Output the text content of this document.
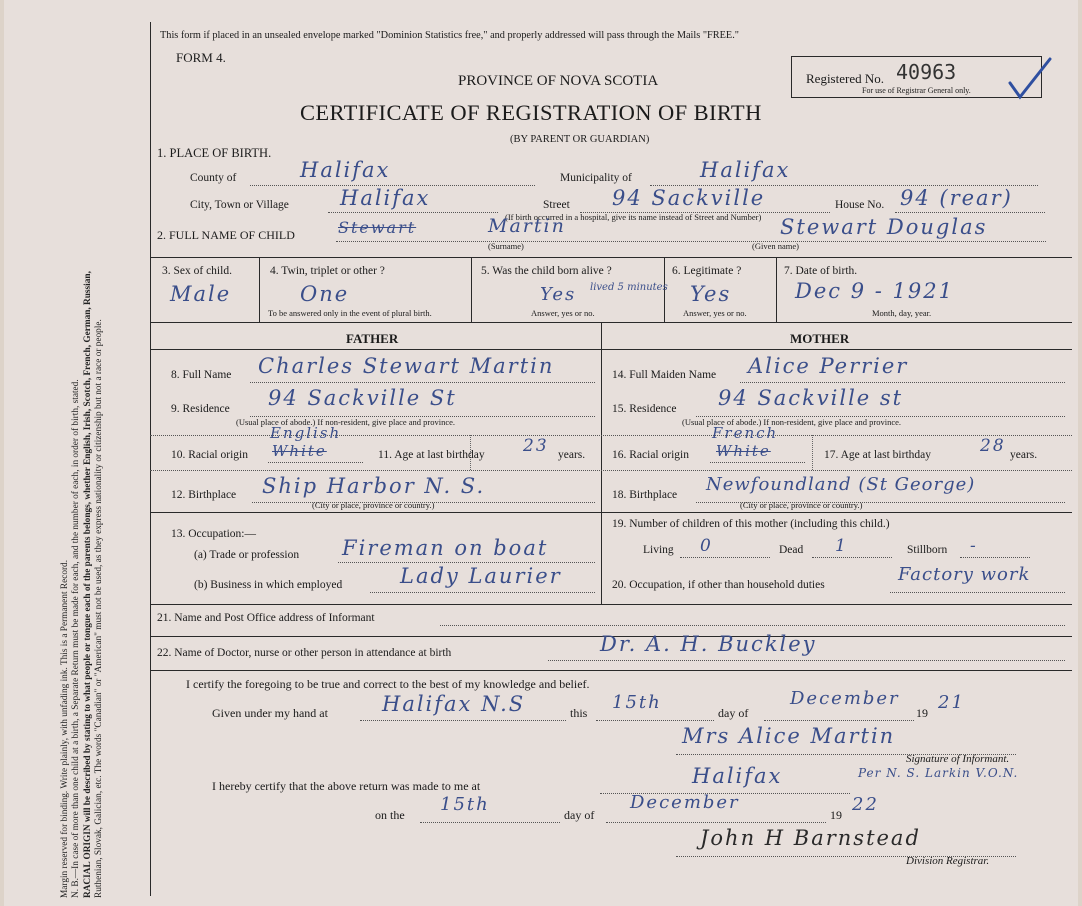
Margin reserved for binding. Write plainly, with unfading ink. This is a Permanent Record. N. B.—In case of more than one child at a birth, a Separate Return must be made for each, and the number of each, in order of birth, stated. RACIAL ORIGIN will be described by stating to what people or tongue each of the parents belongs, whether English, Irish, Scotch, French, German, Russian, Ruthenian, Slovak, Galician, etc. The words "Canadian" or "American" must not be used, as they express nationality or citizenship but not a race or people.
This form if placed in an unsealed envelope marked "Dominion Statistics free," and properly addressed will pass through the Mails "FREE."
FORM 4.
PROVINCE OF NOVA SCOTIA
CERTIFICATE OF REGISTRATION OF BIRTH
(BY PARENT OR GUARDIAN)
Registered No. 40963
For use of Registrar General only.
1. PLACE OF BIRTH.
County of	Halifax	Municipality of	Halifax
City, Town or Village Halifax	Street 94 Sackville	House No. 94 (rear)
(If birth occurred in a hospital, give its name instead of Street and Number)
2. FULL NAME OF CHILD	Stewart	Martin
(Surname)
Stewart Douglas
(Given name)
3. Sex of child.
Male
4. Twin, triplet or other ?
One
To be answered only in the event of plural birth.
5. Was the child born alive ?
Yes lived 5 minutes
Answer, yes or no.
6. Legitimate ?
Yes
Answer, yes or no.
7. Date of birth.
Dec 9 - 1921
Month, day, year.
FATHER	MOTHER
8. Full Name Charles Stewart Martin
9. Residence 94 Sackville St
(Usual place of abode.) If non-resident, give place and province.
10. Racial origin White
English
11. Age at last birthday 23 years.
12. Birthplace Ship Harbor N. S.
(City or place, province or country.)
14. Full Maiden Name Alice Perrier
15. Residence 94 Sackville st
(Usual place of abode.) If non-resident, give place and province.
16. Racial origin White
French
17. Age at last birthday	28 years.
18. Birthplace Newfoundland (St George)
(City or place, province or country.)
13. Occupation:—
(a) Trade or profession Fireman on boat
(b) Business in which employed	Lady Laurier
19. Number of children of this mother (including this child.)
Living 0	Dead 1	Stillborn -
20. Occupation, if other than household duties	Factory work
21. Name and Post Office address of Informant
22. Name of Doctor, nurse or other person in attendance at birth	Dr. A. H. Buckley
I certify the foregoing to be true and correct to the best of my knowledge and belief.
Given under my hand at	Halifax N.S	this 15th	day of
December
19 21
Mrs Alice Martin
Signature of Informant.
Per N. S. Larkin V.O.N.
I hereby certify that the above return was made to me at	Halifax
on the 15th	day of
December
19 22
John H Barnstead
Division Registrar.
